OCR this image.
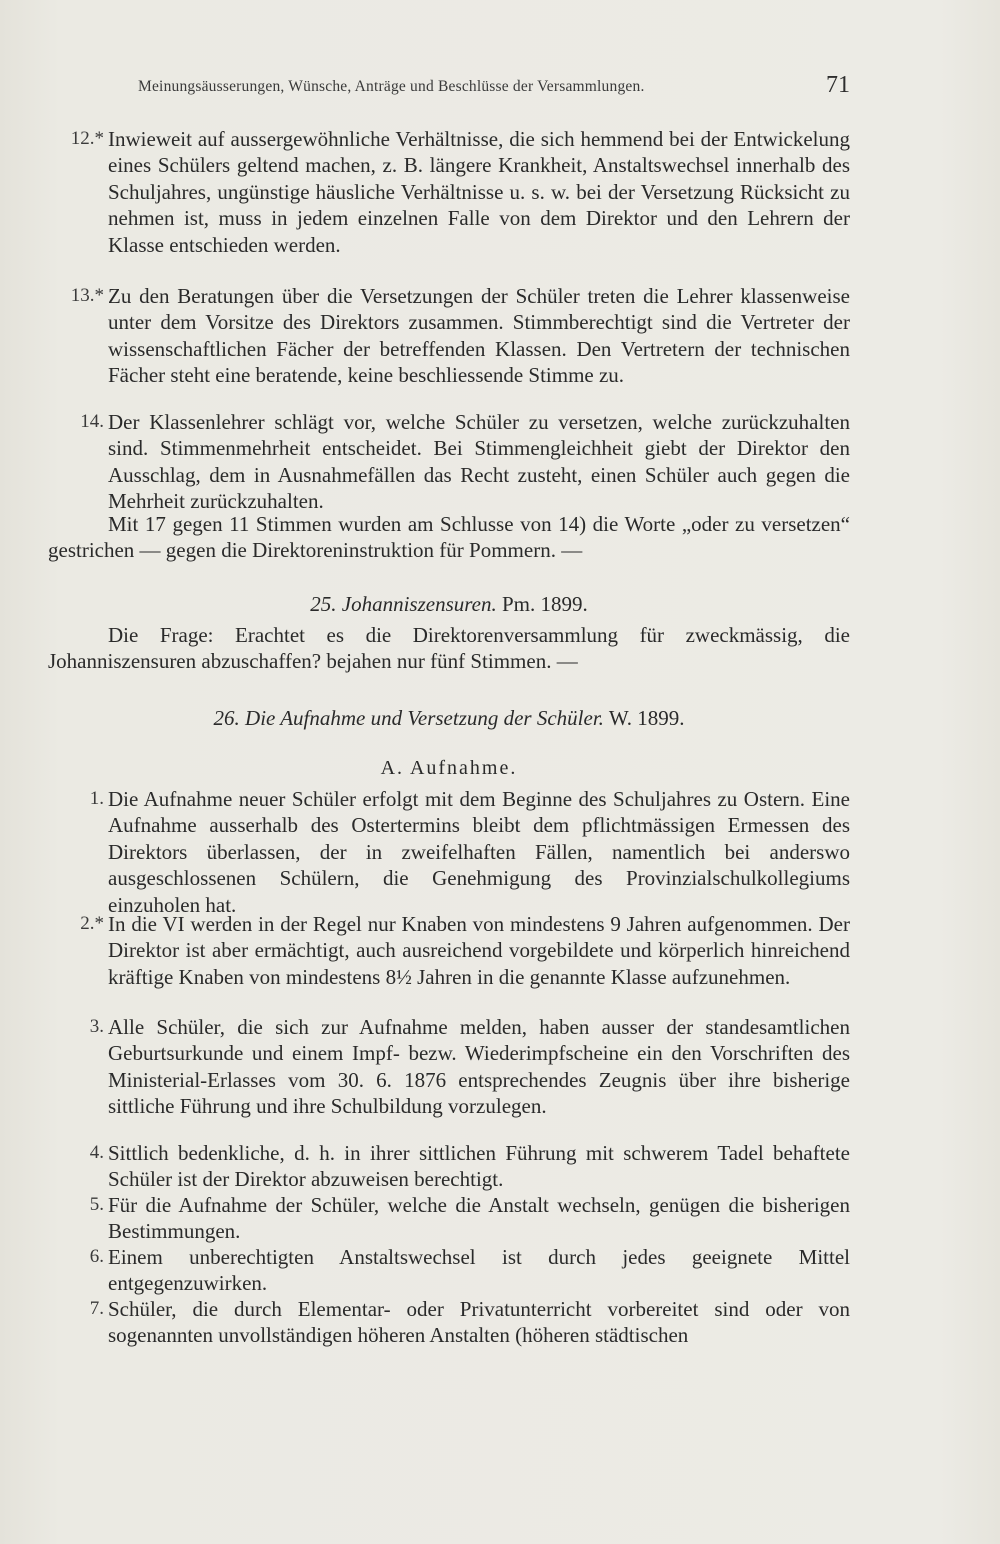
Meinungsäusserungen, Wünsche, Anträge und Beschlüsse der Versammlungen.	71
12.* Inwieweit auf aussergewöhnliche Verhältnisse, die sich hemmend bei der Entwickelung eines Schülers geltend machen, z. B. längere Krankheit, Anstaltswechsel innerhalb des Schuljahres, ungünstige häusliche Verhältnisse u. s. w. bei der Versetzung Rücksicht zu nehmen ist, muss in jedem einzelnen Falle von dem Direktor und den Lehrern der Klasse entschieden werden.
13.* Zu den Beratungen über die Versetzungen der Schüler treten die Lehrer klassenweise unter dem Vorsitze des Direktors zusammen. Stimmberechtigt sind die Vertreter der wissenschaftlichen Fächer der betreffenden Klassen. Den Vertretern der technischen Fächer steht eine beratende, keine beschliessende Stimme zu.
14. Der Klassenlehrer schlägt vor, welche Schüler zu versetzen, welche zurückzuhalten sind. Stimmenmehrheit entscheidet. Bei Stimmengleichheit giebt der Direktor den Ausschlag, dem in Ausnahmefällen das Recht zusteht, einen Schüler auch gegen die Mehrheit zurückzuhalten.
Mit 17 gegen 11 Stimmen wurden am Schlusse von 14) die Worte „oder zu versetzen“ gestrichen — gegen die Direktoreninstruktion für Pommern. —
25. Johanniszensuren. Pm. 1899.
Die Frage: Erachtet es die Direktorenversammlung für zweckmässig, die Johanniszensuren abzuschaffen? bejahen nur fünf Stimmen. —
26. Die Aufnahme und Versetzung der Schüler. W. 1899.
A. Aufnahme.
1. Die Aufnahme neuer Schüler erfolgt mit dem Beginne des Schuljahres zu Ostern. Eine Aufnahme ausserhalb des Ostertermins bleibt dem pflichtmässigen Ermessen des Direktors überlassen, der in zweifelhaften Fällen, namentlich bei anderswo ausgeschlossenen Schülern, die Genehmigung des Provinzialschulkollegiums einzuholen hat.
2.* In die VI werden in der Regel nur Knaben von mindestens 9 Jahren aufgenommen. Der Direktor ist aber ermächtigt, auch ausreichend vorgebildete und körperlich hinreichend kräftige Knaben von mindestens 8½ Jahren in die genannte Klasse aufzunehmen.
3. Alle Schüler, die sich zur Aufnahme melden, haben ausser der standesamtlichen Geburtsurkunde und einem Impf- bezw. Wiederimpfscheine ein den Vorschriften des Ministerial-Erlasses vom 30. 6. 1876 entsprechendes Zeugnis über ihre bisherige sittliche Führung und ihre Schulbildung vorzulegen.
4. Sittlich bedenkliche, d. h. in ihrer sittlichen Führung mit schwerem Tadel behaftete Schüler ist der Direktor abzuweisen berechtigt.
5. Für die Aufnahme der Schüler, welche die Anstalt wechseln, genügen die bisherigen Bestimmungen.
6. Einem unberechtigten Anstaltswechsel ist durch jedes geeignete Mittel entgegenzuwirken.
7. Schüler, die durch Elementar- oder Privatunterricht vorbereitet sind oder von sogenannten unvollständigen höheren Anstalten (höheren städtischen
